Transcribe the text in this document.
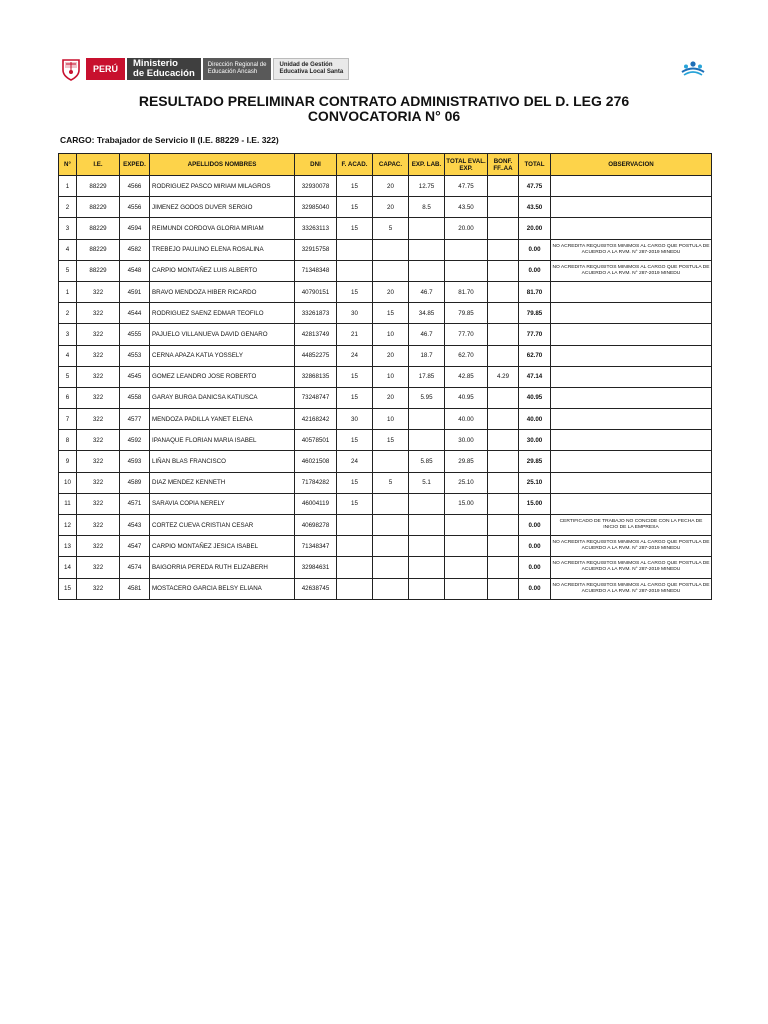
PERÚ	Ministerio
de Educación
Dirección Regional de
Educación Ancash
Unidad de Gestión
Educativa Local Santa
RESULTADO PRELIMINAR CONTRATO ADMINISTRATIVO DEL D. LEG 276
CONVOCATORIA N° 06
CARGO: Trabajador de Servicio II (I.E. 88229 - I.E. 322)
N°	I.E.	EXPED.	APELLIDOS NOMBRES	DNI	F. ACAD.	CAPAC.	EXP. LAB.	TOTAL EVAL. EXP.	BONF. FF..AA	TOTAL	OBSERVACION
1	88229	4566	RODRIGUEZ PASCO MIRIAM MILAGROS	32930078	15	20	12.75	47.75		47.75	
2	88229	4556	JIMENEZ GODOS DUVER SERGIO	32985040	15	20	8.5	43.50		43.50	
3	88229	4594	REIMUNDI CORDOVA GLORIA MIRIAM	33263113	15	5		20.00		20.00	
4	88229	4582	TREBEJO PAULINO ELENA ROSALINA	32915758						0.00	NO ACREDITA REQUISITOS MINIMOS AL CARGO QUE POSTULA DE ACUERDO A LA RVM. N° 287-2019 MINEDU
5	88229	4548	CARPIO MONTAÑEZ LUIS ALBERTO	71348348						0.00	NO ACREDITA REQUISITOS MINIMOS AL CARGO QUE POSTULA DE ACUERDO A LA RVM. N° 287-2019 MINEDU
1	322	4591	BRAVO MENDOZA HIBER RICARDO	40790151	15	20	46.7	81.70		81.70	
2	322	4544	RODRIGUEZ SAENZ EDMAR TEOFILO	33261873	30	15	34.85	79.85		79.85	
3	322	4555	PAJUELO VILLANUEVA DAVID GENARO	42813749	21	10	46.7	77.70		77.70	
4	322	4553	CERNA APAZA KATIA YOSSELY	44852275	24	20	18.7	62.70		62.70	
5	322	4545	GOMEZ LEANDRO JOSE ROBERTO	32868135	15	10	17.85	42.85	4.29	47.14	
6	322	4558	GARAY BURGA DANICSA KATIUSCA	73248747	15	20	5.95	40.95		40.95	
7	322	4577	MENDOZA PADILLA YANET ELENA	42168242	30	10		40.00		40.00	
8	322	4592	IPANAQUE FLORIAN MARIA ISABEL	40578501	15	15		30.00		30.00	
9	322	4593	LIÑAN BLAS FRANCISCO	46021508	24		5.85	29.85		29.85	
10	322	4589	DIAZ MENDEZ KENNETH	71784282	15	5	5.1	25.10		25.10	
11	322	4571	SARAVIA COPIA NERELY	46004119	15			15.00		15.00	
12	322	4543	CORTEZ CUEVA CRISTIAN CESAR	40698278						0.00	CERTIFICADO DE TRABAJO NO CONCIDE CON LA FECHA DE INICIO DE LA EMPRESA
13	322	4547	CARPIO MONTAÑEZ JESICA ISABEL	71348347						0.00	NO ACREDITA REQUISITOS MINIMOS AL CARGO QUE POSTULA DE ACUERDO A LA RVM. N° 287-2019 MINEDU
14	322	4574	BAIGORRIA PEREDA RUTH ELIZABERH	32984631						0.00	NO ACREDITA REQUISITOS MINIMOS AL CARGO QUE POSTULA DE ACUERDO A LA RVM. N° 287-2019 MINEDU
15	322	4581	MOSTACERO GARCIA BELSY ELIANA	42638745						0.00	NO ACREDITA REQUISITOS MINIMOS AL CARGO QUE POSTULA DE ACUERDO A LA RVM. N° 287-2019 MINEDU
